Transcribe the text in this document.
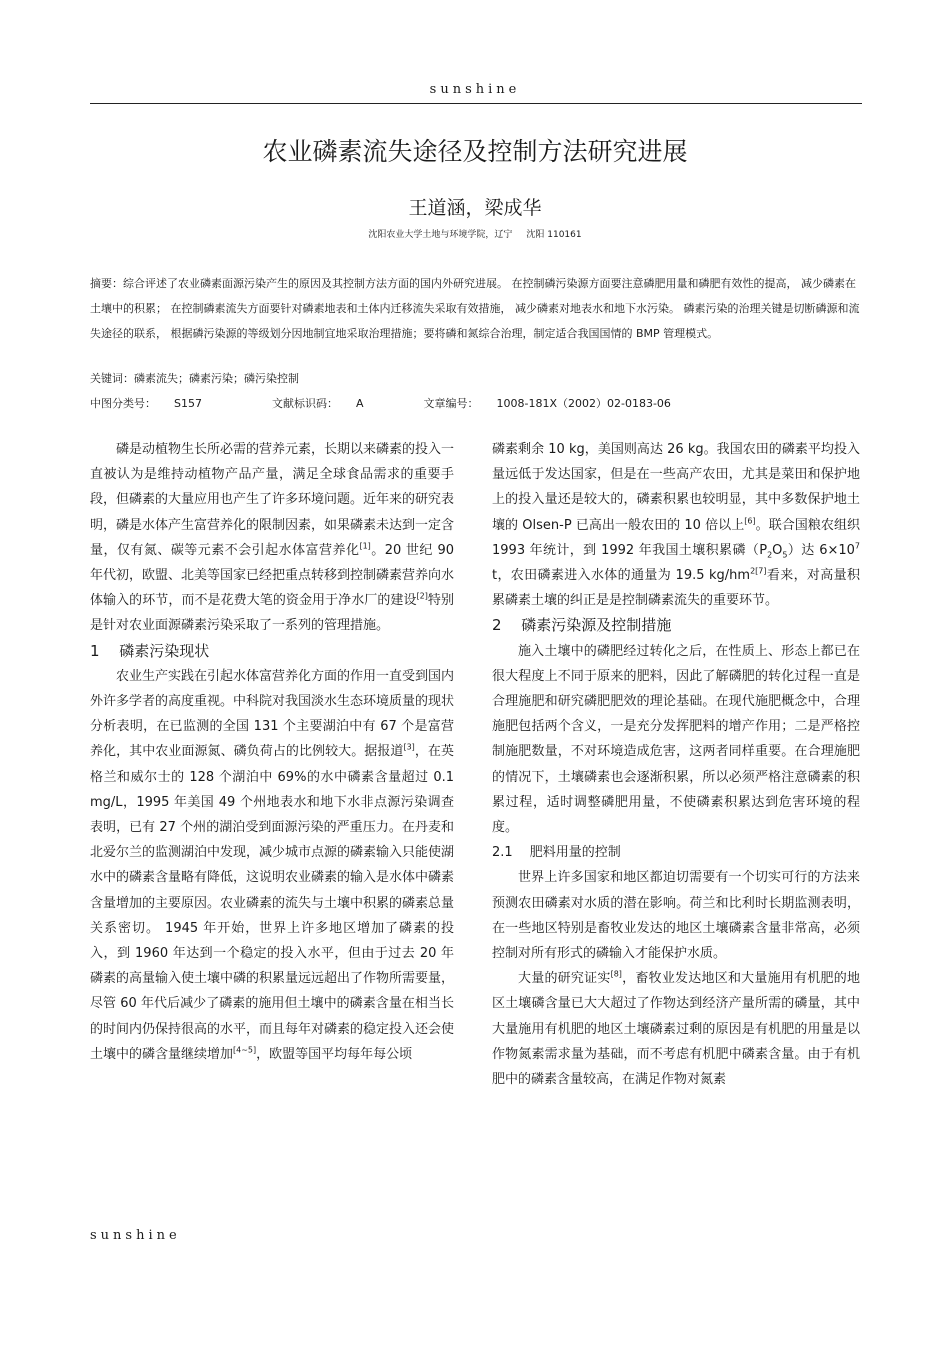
sunshine
农业磷素流失途径及控制方法研究进展
王道涵，梁成华
沈阳农业大学土地与环境学院，辽宁 沈阳 110161

摘要：综合评述了农业磷素面源污染产生的原因及其控制方法方面的国内外研究进展。 在控制磷污染源方面要注意磷肥用量和磷肥有效性的提高， 减少磷素在土壤中的积累； 在控制磷素流失方面要针对磷素地表和土体内迁移流失采取有效措施， 减少磷素对地表水和地下水污染。 磷素污染的治理关键是切断磷源和流失途径的联系， 根据磷污染源的等级划分因地制宜地采取治理措施；要将磷和氮综合治理，制定适合我国国情的 BMP 管理模式。

关键词：磷素流失；磷素污染；磷污染控制
中图分类号： S157	文献标识码： A	文章编号： 1008-181X（2002）02-0183-06

磷是动植物生长所必需的营养元素，长期以来磷素的投入一直被认为是维持动植物产品产量，满足全球食品需求的重要手段，但磷素的大量应用也产生了许多环境问题。近年来的研究表明，磷是水体产生富营养化的限制因素，如果磷素未达到一定含量，仅有氮、碳等元素不会引起水体富营养化[1]。20 世纪 90 年代初，欧盟、北美等国家已经把重点转移到控制磷素营养向水体输入的环节，而不是花费大笔的资金用于净水厂的建设[2]特别是针对农业面源磷素污染采取了一系列的管理措施。

1　 磷素污染现状

农业生产实践在引起水体富营养化方面的作用一直受到国内外许多学者的高度重视。中科院对我国淡水生态环境质量的现状分析表明，在已监测的全国 131 个主要湖泊中有 67 个是富营养化，其中农业面源氮、磷负荷占的比例较大。据报道[3]，在英格兰和威尔士的 128 个湖泊中 69%的水中磷素含量超过 0.1 mg/L，1995 年美国 49 个州地表水和地下水非点源污染调查表明，已有 27 个州的湖泊受到面源污染的严重压力。在丹麦和北爱尔兰的监测湖泊中发现，减少城市点源的磷素输入只能使湖水中的磷素含量略有降低，这说明农业磷素的输入是水体中磷素含量增加的主要原因。农业磷素的流失与土壤中积累的磷素总量关系密切。 1945 年开始，世界上许多地区增加了磷素的投入，到 1960 年达到一个稳定的投入水平，但由于过去 20 年磷素的高量输入使土壤中磷的积累量远远超出了作物所需要量，尽管 60 年代后减少了磷素的施用但土壤中的磷素含量在相当长的时间内仍保持很高的水平，而且每年对磷素的稳定投入还会使土壤中的磷含量继续增加[4~5]，欧盟等国平均每年每公顷

磷素剩余 10 kg，美国则高达 26 kg。我国农田的磷素平均投入量远低于发达国家，但是在一些高产农田，尤其是菜田和保护地上的投入量还是较大的，磷素积累也较明显，其中多数保护地土壤的 Olsen-P 已高出一般农田的 10 倍以上[6]。联合国粮农组织 1993 年统计，到 1992 年我国土壤积累磷$(P_2O_5)$达 $6\times 10^7$ t，农田磷素进入水体的通量为 19.5 $kg/hm^{2[7]}$看来，对高量积累磷素土壤的纠正是是控制磷素流失的重要环节。

2　 磷素污染源及控制措施

施入土壤中的磷肥经过转化之后，在性质上、形态上都已在很大程度上不同于原来的肥料，因此了解磷肥的转化过程一直是合理施肥和研究磷肥肥效的理论基础。在现代施肥概念中，合理施肥包括两个含义，一是充分发挥肥料的增产作用；二是严格控制施肥数量，不对环境造成危害，这两者同样重要。在合理施肥的情况下，土壤磷素也会逐渐积累，所以必须严格注意磷素的积累过程，适时调整磷肥用量，不使磷素积累达到危害环境的程度。

2.1　 肥料用量的控制

世界上许多国家和地区都迫切需要有一个切实可行的方法来预测农田磷素对水质的潜在影响。荷兰和比利时长期监测表明，在一些地区特别是畜牧业发达的地区土壤磷素含量非常高，必须控制对所有形式的磷输入才能保护水质。

大量的研究证实[8]，畜牧业发达地区和大量施用有机肥的地区土壤磷含量已大大超过了作物达到经济产量所需的磷量，其中大量施用有机肥的地区土壤磷素过剩的原因是有机肥的用量是以作物氮素需求量为基础，而不考虑有机肥中磷素含量。由于有机肥中的磷素含量较高，在满足作物对氮素

sunshine
